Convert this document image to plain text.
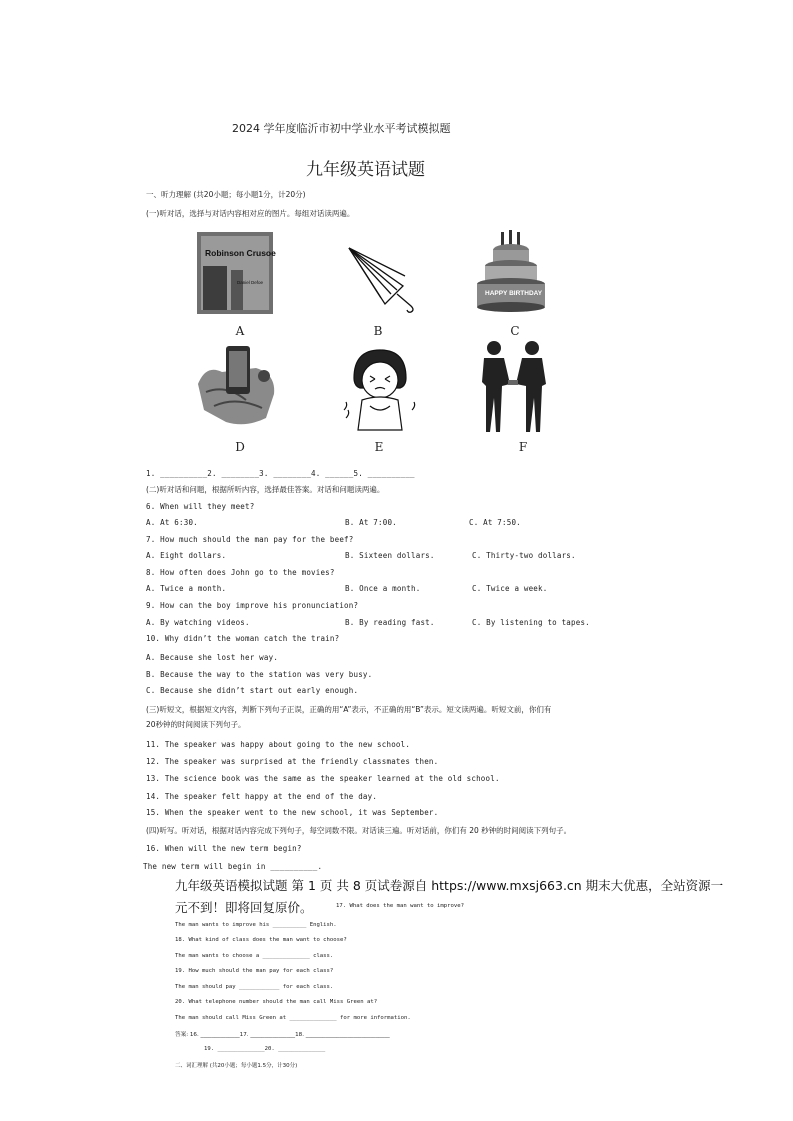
2024 学年度临沂市初中学业水平考试模拟题
九年级英语试题
一、听力理解 (共20小题；每小题1分，计20分)
(一)听对话，选择与对话内容相对应的图片。每组对话读两遍。
Robinson Crusoe
Daniel Defoe
A	B
HAPPY BIRTHDAY
C
D	E	F
1. __________2. ________3. ________4. ______5. __________
(二)听对话和问题，根据所听内容，选择最佳答案。对话和问题读两遍。
6. When will they meet?
A. At 6:30.	B. At 7:00.	C. At 7:50.
7. How much should the man pay for the beef?
A. Eight dollars.	B. Sixteen dollars.	C. Thirty-two dollars.
8. How often does John go to the movies?
A. Twice a month.	B. Once a month.	C. Twice a week.
9. How can the boy improve his pronunciation?
A. By watching videos.	B. By reading fast.	C. By listening to tapes.
10. Why didn’t the woman catch the train?
A. Because she lost her way.
B. Because the way to the station was very busy.
C. Because she didn’t start out early enough.
(三)听短文，根据短文内容，判断下列句子正误，正确的用“A”表示，不正确的用“B”表示。短文读两遍。听短文前，你们有
20秒钟的时间阅读下列句子。
11. The speaker was happy about going to the new school.
12. The speaker was surprised at the friendly classmates then.
13. The science book was the same as the speaker learned at the old school.
14. The speaker felt happy at the end of the day.
15. When the speaker went to the new school, it was September.
(四)听写。听对话，根据对话内容完成下列句子，每空词数不限。对话读三遍。听对话前，你们有 20 秒钟的时间阅读下列句子。
16. When will the new term begin?
The new term will begin in __________.
九年级英语模拟试题 第 1 页 共 8 页试卷源自 https://www.mxsj663.cn 期末大优惠，全站资源一
元不到！即将回复原价。	17. What does the man want to improve?
The man wants to improve his __________ English.
18. What kind of class does the man want to choose?
The man wants to choose a ______________ class.
19. How much should the man pay for each class?
The man should pay ____________ for each class.
20. What telephone number should the man call Miss Green at?
The man should call Miss Green at ______________ for more information.
答案: 16. ______________17. ________________18. ______________________________
19. ______________20. ______________
二、词汇理解 (共20小题；每小题1.5分，计30分)
